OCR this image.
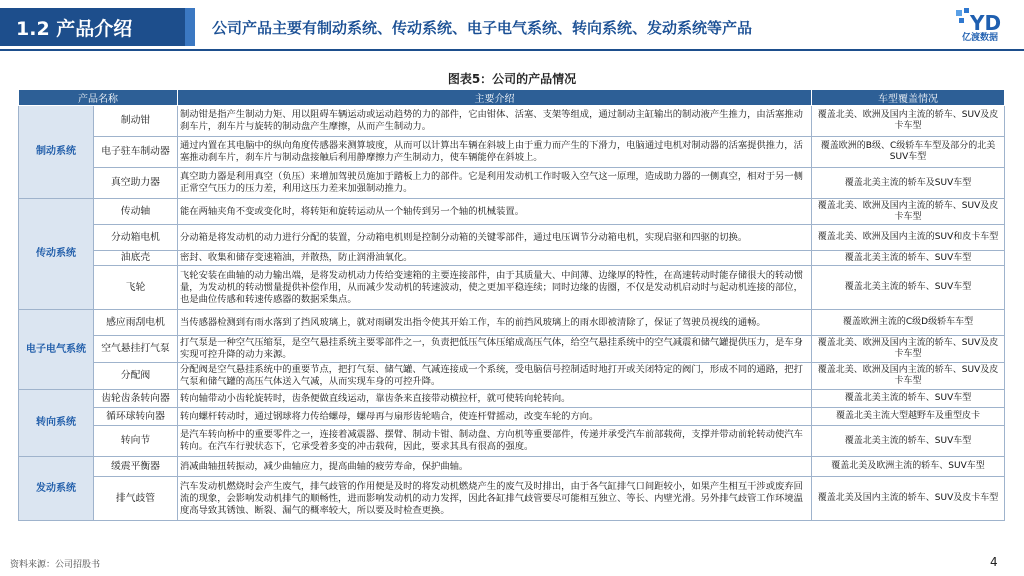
1.2 产品介绍	公司产品主要有制动系统、传动系统、电子电气系统、转向系统、发动系统等产品	YD
亿渡数据
图表5：公司的产品情况
产品名称		主要介绍	车型覆盖情况
制动系统	制动钳	制动钳是指产生制动力矩、用以阻碍车辆运动或运动趋势的力的部件，它由钳体、活塞、支架等组成，通过制动主缸输出的制动液产生推力，由活塞推动刹车片，刹车片与旋转的制动盘产生摩擦，从而产生制动力。	覆盖北美、欧洲及国内主流的轿车、SUV及皮卡车型
	电子驻车制动器	通过内置在其电脑中的纵向角度传感器来测算坡度，从而可以计算出车辆在斜坡上由于重力而产生的下滑力，电脑通过电机对制动器的活塞提供推力，活塞推动刹车片，刹车片与制动盘接触后利用静摩擦力产生制动力，使车辆能停在斜坡上。	覆盖欧洲的B级、C级轿车车型及部分的北美SUV车型
	真空助力器	真空助力器是利用真空（负压）来增加驾驶员施加于踏板上力的部件。它是利用发动机工作时吸入空气这一原理，造成助力器的一侧真空，相对于另一侧正常空气压力的压力差，利用这压力差来加强制动推力。	覆盖北美主流的轿车及SUV车型
传动系统	传动轴	能在两轴夹角不变或变化时，将转矩和旋转运动从一个轴传到另一个轴的机械装置。	覆盖北美、欧洲及国内主流的轿车、SUV及皮卡车型
	分动箱电机	分动箱是将发动机的动力进行分配的装置，分动箱电机则是控制分动箱的关键零部件，通过电压调节分动箱电机，实现启驱和四驱的切换。	覆盖北美、欧洲及国内主流的SUV和皮卡车型
	油底壳	密封、收集和储存变速箱油，并散热，防止润滑油氧化。	覆盖北美主流的轿车、SUV车型
	飞轮	飞轮安装在曲轴的动力输出端，是将发动机动力传给变速箱的主要连接部件，由于其质量大、中间薄、边缘厚的特性，在高速转动时能存储很大的转动惯量，为发动机的转动惯量提供补偿作用，从而减少发动机的转速波动，使之更加平稳连续；同时边缘的齿圈，不仅是发动机启动时与起动机连接的部位，也是曲位传感和转速传感器的数据采集点。	覆盖北美主流的轿车、SUV车型
电子电气系统	感应雨刮电机	当传感器检测到有雨水落到了挡风玻璃上，就对雨刷发出指令使其开始工作，车的前挡风玻璃上的雨水即被清除了，保证了驾驶员视线的通畅。	覆盖欧洲主流的C级D级轿车车型
	空气悬挂打气泵	打气泵是一种空气压缩泵，是空气悬挂系统主要零部件之一，负责把低压气体压缩成高压气体，给空气悬挂系统中的空气减震和储气罐提供压力，是车身实现可控升降的动力来源。	覆盖北美、欧洲及国内主流的轿车、SUV及皮卡车型
	分配阀	分配阀是空气悬挂系统中的重要节点，把打气泵、储气罐、气减连接成一个系统，受电脑信号控制适时地打开或关闭特定的阀门，形成不同的通路，把打气泵和储气罐的高压气体送入气减，从而实现车身的可控升降。	覆盖北美、欧洲及国内主流的轿车、SUV及皮卡车型
转向系统	齿轮齿条转向器	转向轴带动小齿轮旋转时，齿条便做直线运动，靠齿条来直接带动横拉杆，就可使转向轮转向。	覆盖北美主流的轿车、SUV车型
	循环球转向器	转向螺杆转动时，通过钢球将力传给螺母，螺母再与扇形齿轮啮合，使连杆臂摇动，改变车轮的方向。	覆盖北美主流大型越野车及重型皮卡
	转向节	是汽车转向桥中的重要零件之一，连接着减震器、摆臂、制动卡钳、制动盘、方向机等重要部件，传递并承受汽车前部载荷，支撑并带动前轮转动使汽车转向。在汽车行驶状态下，它承受着多变的冲击载荷，因此，要求其具有很高的强度。	覆盖北美主流的轿车、SUV车型
发动系统	缓震平衡器	消减曲轴扭转振动，减少曲轴应力，提高曲轴的疲劳寿命，保护曲轴。	覆盖北美及欧洲主流的轿车、SUV车型
	排气歧管	汽车发动机燃烧时会产生废气，排气歧管的作用便是及时的将发动机燃烧产生的废气及时排出，由于各气缸排气口间距较小，如果产生相互干涉或废弃回流的现象，会影响发动机排气的顺畅性，进而影响发动机的动力发挥，因此各缸排气歧管要尽可能相互独立、等长、内壁光滑。另外排气歧管工作环境温度高导致其锈蚀、断裂、漏气的概率较大，所以要及时检查更换。	覆盖北美及国内主流的轿车、SUV及皮卡车型
资料来源：公司招股书	4
